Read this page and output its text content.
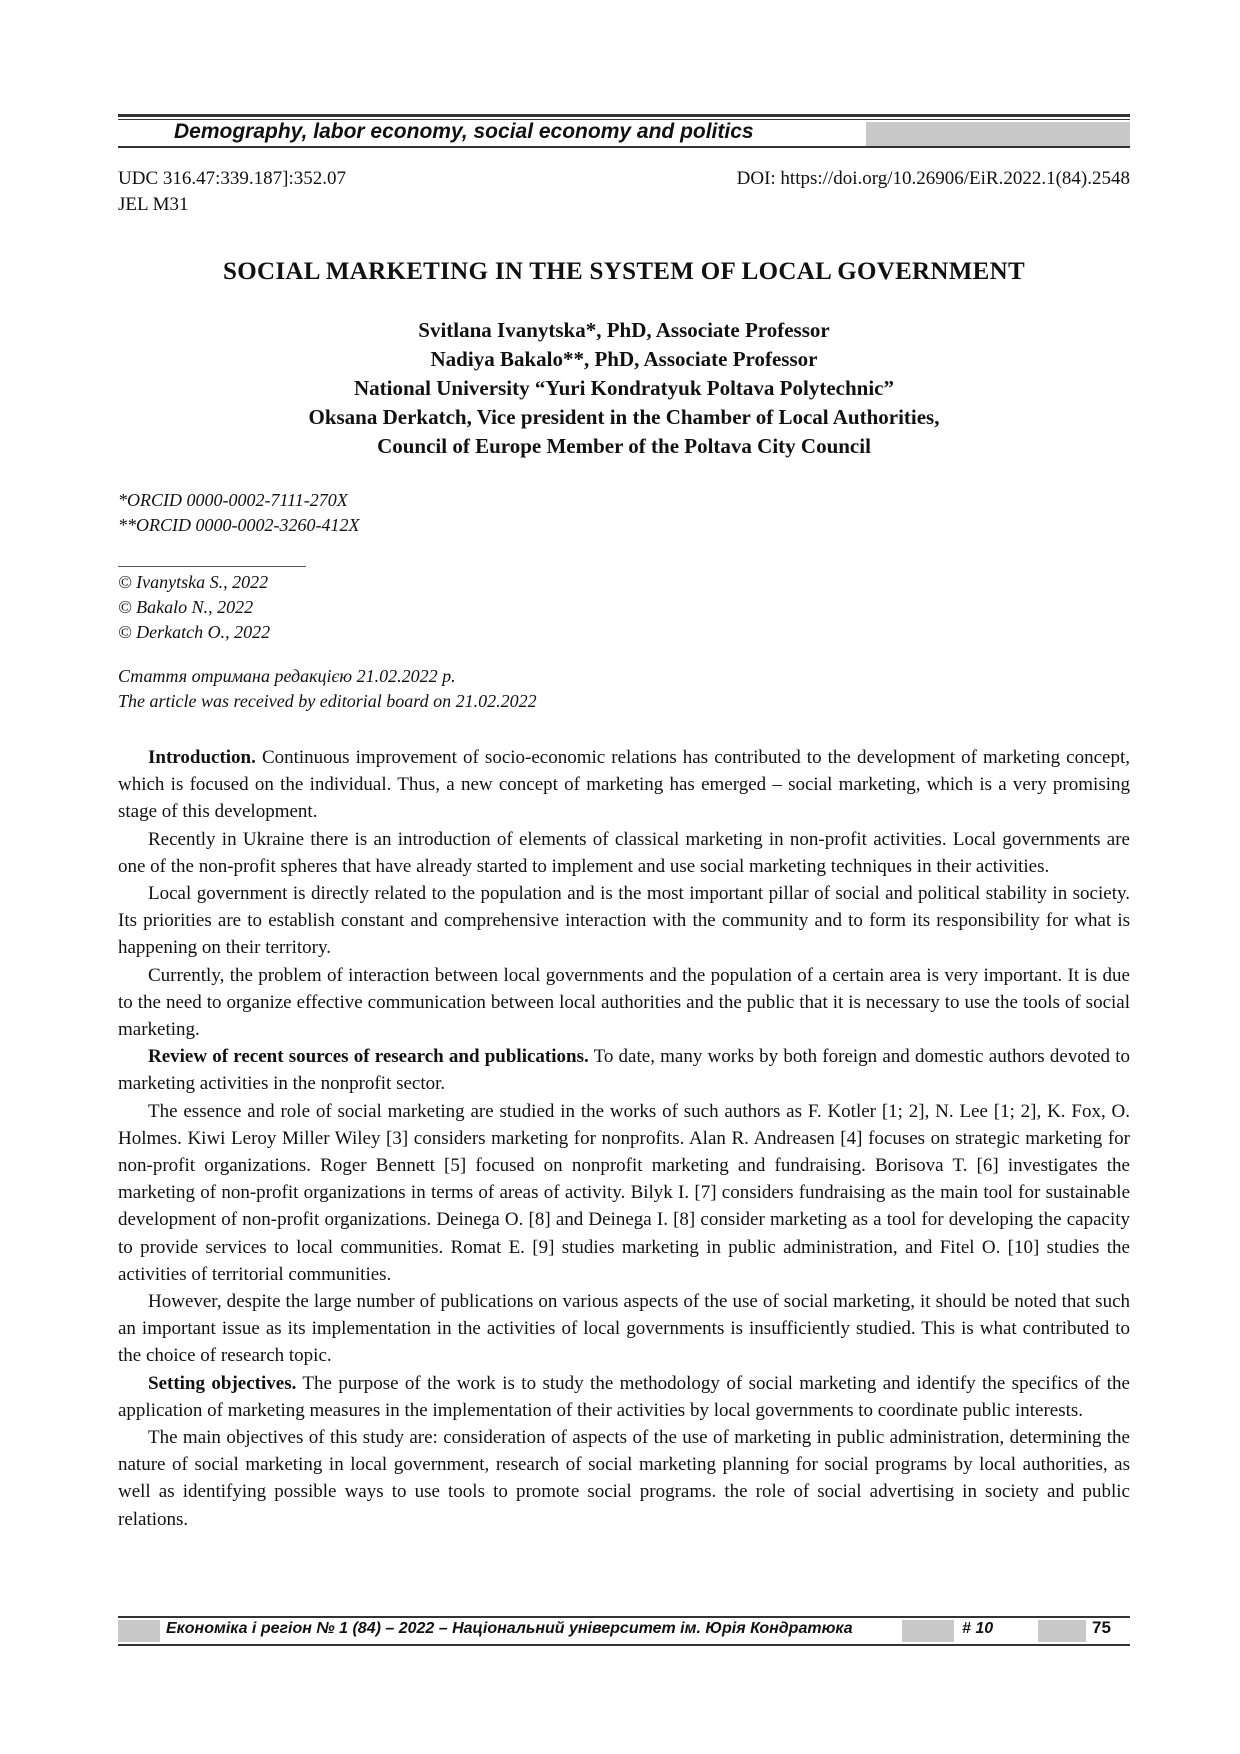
Demography, labor economy, social economy and politics
UDC 316.47:339.187]:352.07	DOI: https://doi.org/10.26906/EiR.2022.1(84).2548
JEL M31
SOCIAL MARKETING IN THE SYSTEM OF LOCAL GOVERNMENT
Svitlana Ivanytska*, PhD, Associate Professor
Nadiya Bakalo**, PhD, Associate Professor
National University “Yuri Kondratyuk Poltava Polytechnic”
Oksana Derkatch, Vice president in the Chamber of Local Authorities,
Council of Europe Member of the Poltava City Council
*ORCID 0000-0002-7111-270X
**ORCID 0000-0002-3260-412X
© Ivanytska S., 2022
© Bakalo N., 2022
© Derkatch O., 2022
Стаття отримана редакцією 21.02.2022 р.
The article was received by editorial board on 21.02.2022

Introduction. Continuous improvement of socio-economic relations has contributed to the development of marketing concept, which is focused on the individual. Thus, a new concept of marketing has emerged – social marketing, which is a very promising stage of this development.

Recently in Ukraine there is an introduction of elements of classical marketing in non-profit activities. Local governments are one of the non-profit spheres that have already started to implement and use social marketing techniques in their activities.

Local government is directly related to the population and is the most important pillar of social and political stability in society. Its priorities are to establish constant and comprehensive interaction with the community and to form its responsibility for what is happening on their territory.

Currently, the problem of interaction between local governments and the population of a certain area is very important. It is due to the need to organize effective communication between local authorities and the public that it is necessary to use the tools of social marketing.

Review of recent sources of research and publications. To date, many works by both foreign and domestic authors devoted to marketing activities in the nonprofit sector.

The essence and role of social marketing are studied in the works of such authors as F. Kotler [1; 2], N. Lee [1; 2], K. Fox, O. Holmes. Kiwi Leroy Miller Wiley [3] considers marketing for nonprofits. Alan R. Andreasen [4] focuses on strategic marketing for non-profit organizations. Roger Bennett [5] focused on nonprofit marketing and fundraising. Borisova T. [6] investigates the marketing of non-profit organizations in terms of areas of activity. Bilyk I. [7] considers fundraising as the main tool for sustainable development of non-profit organizations. Deinega O. [8] and Deinega I. [8] consider marketing as a tool for developing the capacity to provide services to local communities. Romat E. [9] studies marketing in public administration, and Fitel O. [10] studies the activities of territorial communities.

However, despite the large number of publications on various aspects of the use of social marketing, it should be noted that such an important issue as its implementation in the activities of local governments is insufficiently studied. This is what contributed to the choice of research topic.

Setting objectives. The purpose of the work is to study the methodology of social marketing and identify the specifics of the application of marketing measures in the implementation of their activities by local governments to coordinate public interests.

The main objectives of this study are: consideration of aspects of the use of marketing in public administration, determining the nature of social marketing in local government, research of social marketing planning for social programs by local authorities, as well as identifying possible ways to use tools to promote social programs. the role of social advertising in society and public relations.

Економіка і регіон № 1 (84) – 2022 – Національний університет ім. Юрія Кондратюка	# 10	75
